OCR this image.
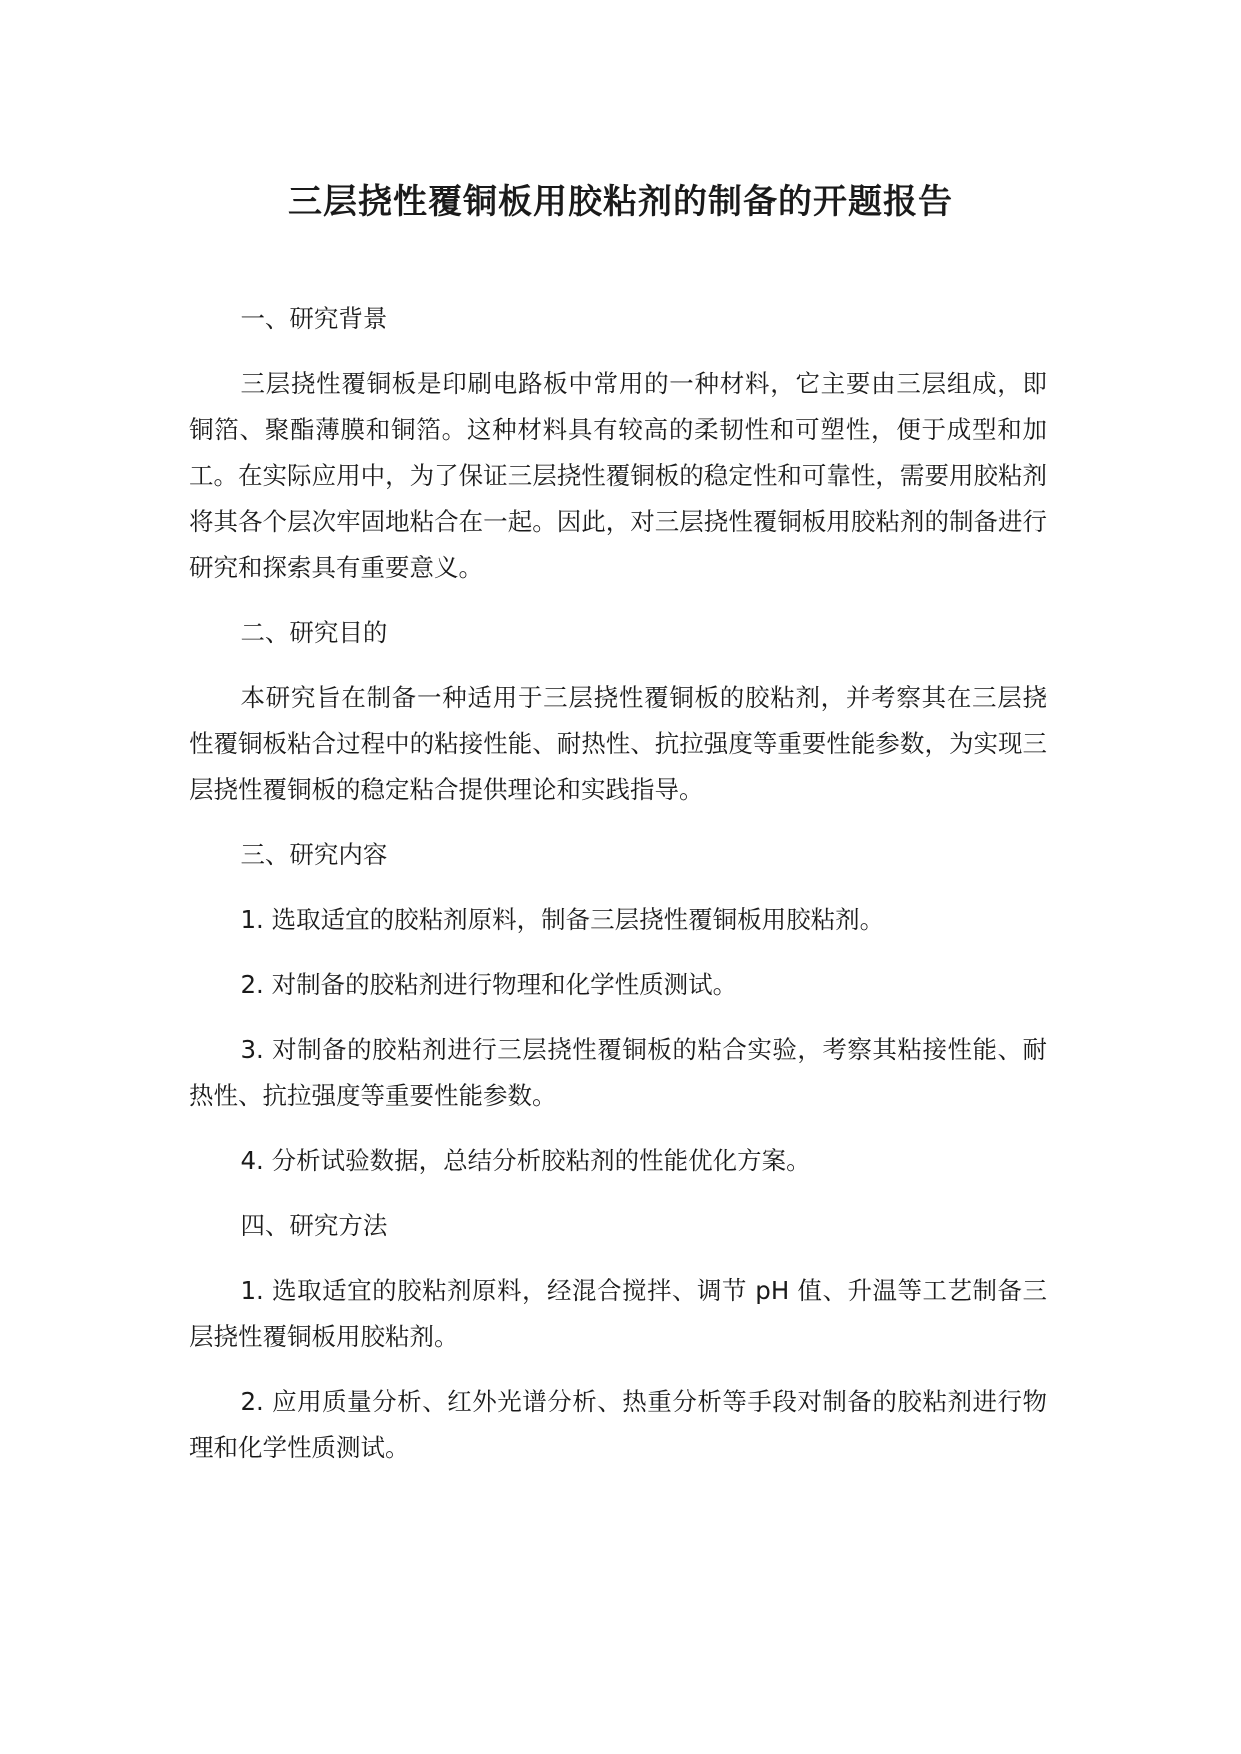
三层挠性覆铜板用胶粘剂的制备的开题报告

一、研究背景

三层挠性覆铜板是印刷电路板中常用的一种材料，它主要由三层组成，即铜箔、聚酯薄膜和铜箔。这种材料具有较高的柔韧性和可塑性，便于成型和加工。在实际应用中，为了保证三层挠性覆铜板的稳定性和可靠性，需要用胶粘剂将其各个层次牢固地粘合在一起。因此，对三层挠性覆铜板用胶粘剂的制备进行研究和探索具有重要意义。

二、研究目的

本研究旨在制备一种适用于三层挠性覆铜板的胶粘剂，并考察其在三层挠性覆铜板粘合过程中的粘接性能、耐热性、抗拉强度等重要性能参数，为实现三层挠性覆铜板的稳定粘合提供理论和实践指导。

三、研究内容

1. 选取适宜的胶粘剂原料，制备三层挠性覆铜板用胶粘剂。

2. 对制备的胶粘剂进行物理和化学性质测试。

3. 对制备的胶粘剂进行三层挠性覆铜板的粘合实验，考察其粘接性能、耐热性、抗拉强度等重要性能参数。

4. 分析试验数据，总结分析胶粘剂的性能优化方案。

四、研究方法

1. 选取适宜的胶粘剂原料，经混合搅拌、调节 pH 值、升温等工艺制备三层挠性覆铜板用胶粘剂。

2. 应用质量分析、红外光谱分析、热重分析等手段对制备的胶粘剂进行物理和化学性质测试。
